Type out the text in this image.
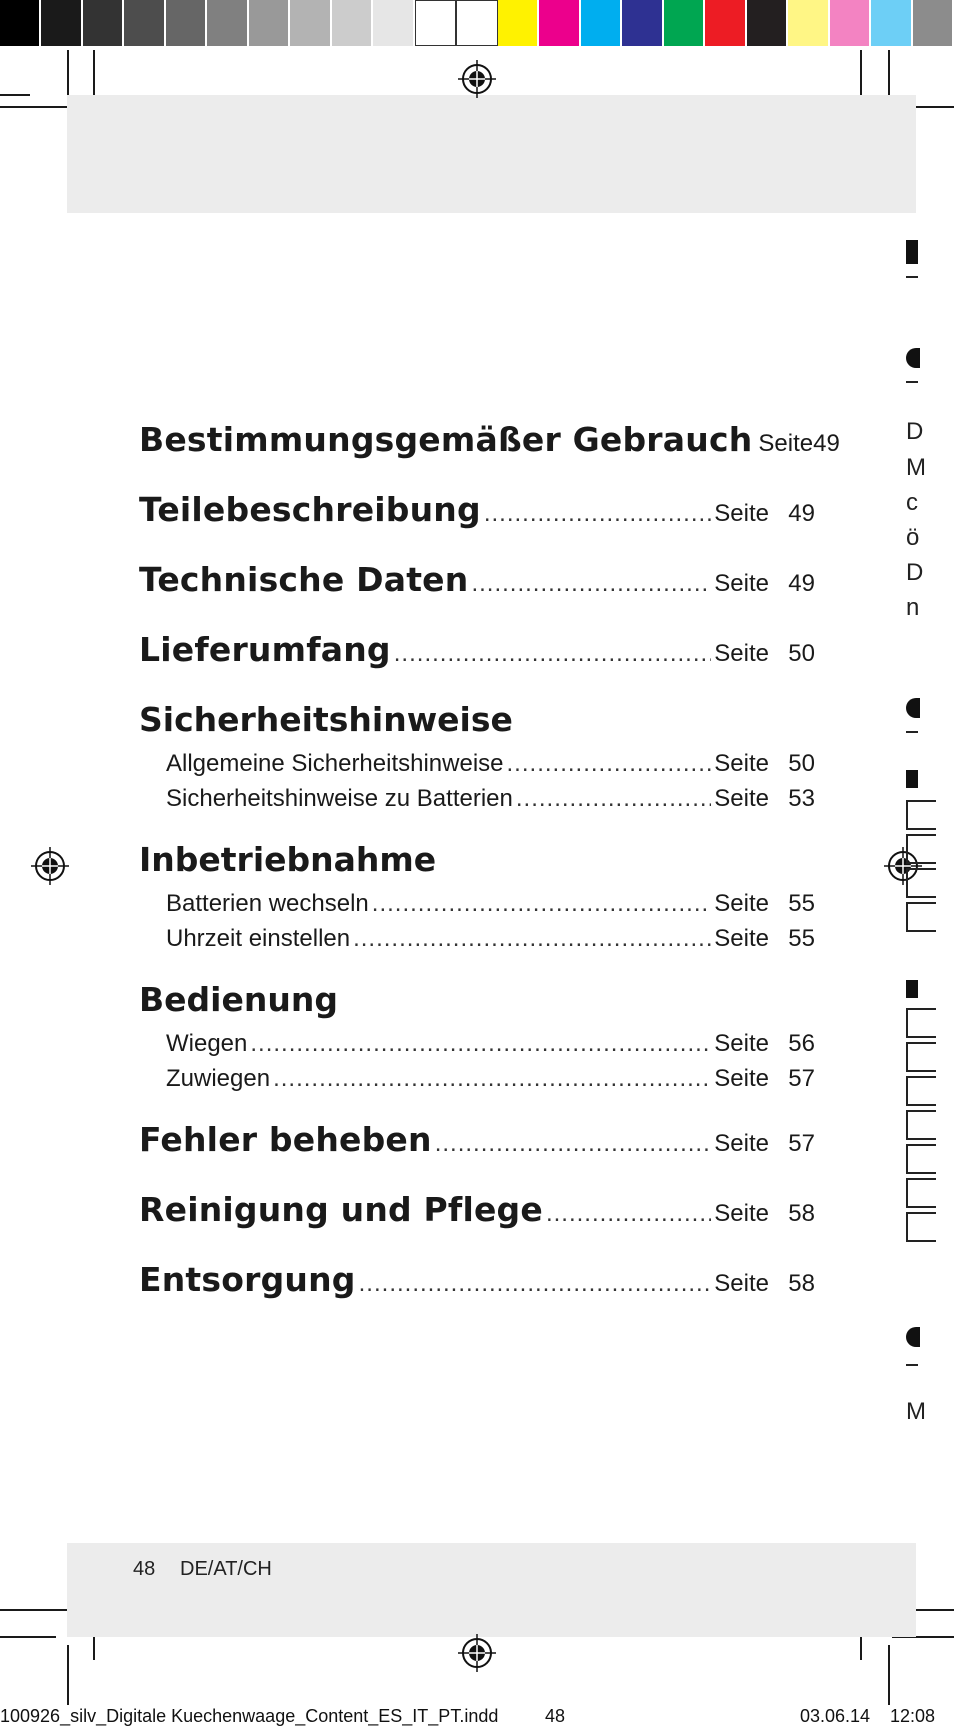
Bestimmungsgemäßer Gebrauch Seite 49
Teilebeschreibung .....	Seite 49
Technische Daten .....	Seite 49
Lieferumfang .....	Seite 50
Sicherheitshinweise
Allgemeine Sicherheitshinweise .....	Seite 50
Sicherheitshinweise zu Batterien .....	Seite 53
Inbetriebnahme
Batterien wechseln .....	Seite 55
Uhrzeit einstellen .....	Seite 55
Bedienung
Wiegen .....	Seite 56
Zuwiegen .....	Seite 57
Fehler beheben .....	Seite 57
Reinigung und Pflege .....	Seite 58
Entsorgung .....	Seite 58
48 DE/AT/CH
100926_silv_Digitale Kuechenwaage_Content_ES_IT_PT.indd	48	03.06.14 12:08
D
M
c
ö
D
n
M
